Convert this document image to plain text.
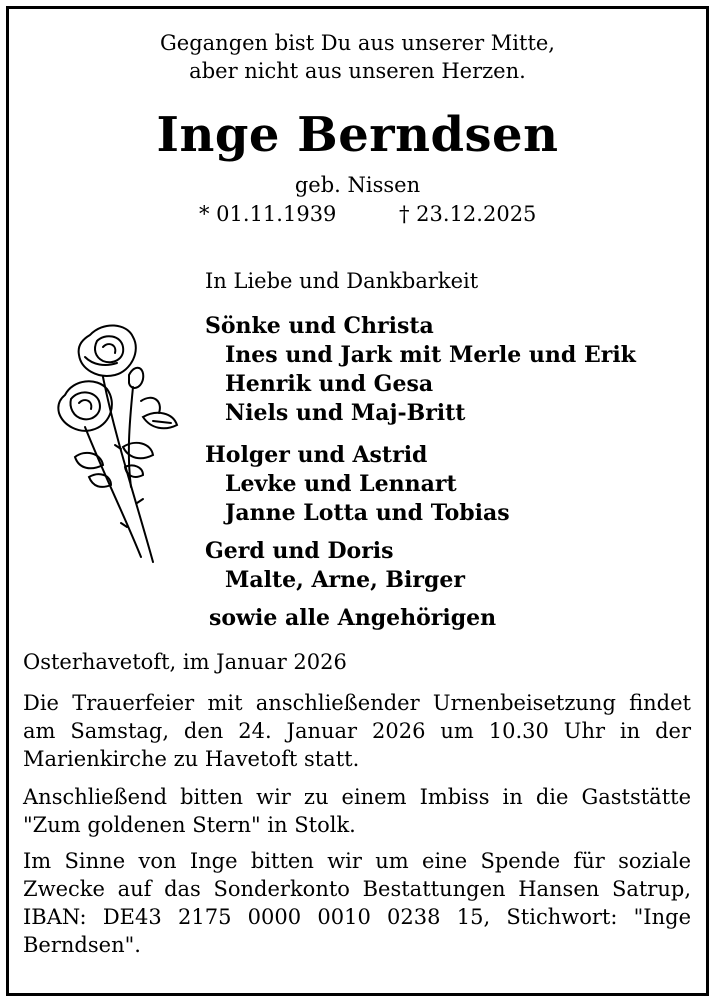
Gegangen bist Du aus unserer Mitte,
aber nicht aus unseren Herzen.
Inge Berndsen
geb. Nissen
* 01.11.1939	† 23.12.2025
In Liebe und Dankbarkeit
Sönke und Christa
Ines und Jark mit Merle und Erik
Henrik und Gesa
Niels und Maj-Britt
Holger und Astrid
Levke und Lennart
Janne Lotta und Tobias
Gerd und Doris
Malte, Arne, Birger
sowie alle Angehörigen
Osterhavetoft, im Januar 2026
Die Trauerfeier mit anschließender Urnenbeisetzung findet am Samstag, den 24. Januar 2026 um 10.30 Uhr in der Marienkirche zu Havetoft statt.
Anschließend bitten wir zu einem Imbiss in die Gaststätte "Zum goldenen Stern" in Stolk.
Im Sinne von Inge bitten wir um eine Spende für soziale Zwecke auf das Sonderkonto Bestattungen Hansen Satrup, IBAN: DE43 2175 0000 0010 0238 15, Stichwort: "Inge Berndsen".
